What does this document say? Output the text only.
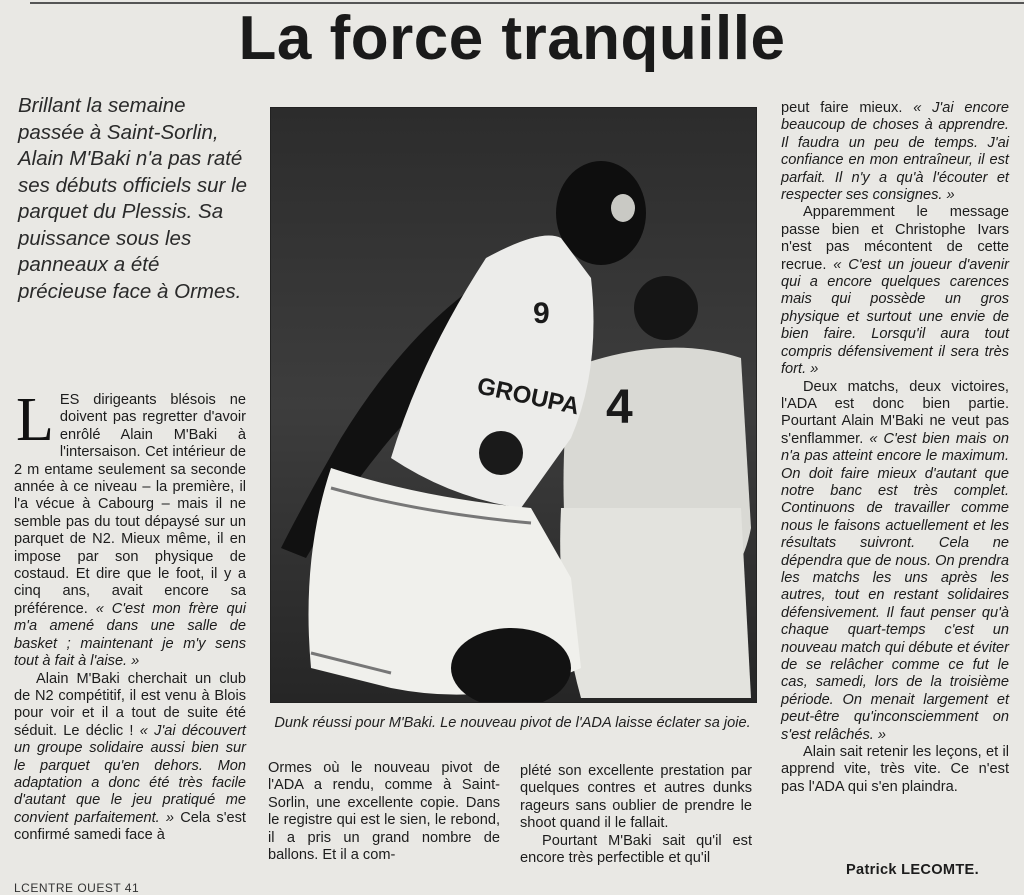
La force tranquille
Brillant la semaine passée à Saint-Sorlin, Alain M'Baki n'a pas raté ses débuts officiels sur le parquet du Plessis. Sa puissance sous les panneaux a été précieuse face à Ormes.

LES dirigeants blésois ne doivent pas regretter d'avoir enrôlé Alain M'Baki à l'intersaison. Cet intérieur de 2 m entame seulement sa seconde année à ce niveau – la première, il l'a vécue à Cabourg – mais il ne semble pas du tout dépaysé sur un parquet de N2. Mieux même, il en impose par son physique de costaud. Et dire que le foot, il y a cinq ans, avait encore sa préférence. « C'est mon frère qui m'a amené dans une salle de basket ; maintenant je m'y sens tout à fait à l'aise. »

Alain M'Baki cherchait un club de N2 compétitif, il est venu à Blois pour voir et il a tout de suite été séduit. Le déclic ! « J'ai découvert un groupe solidaire aussi bien sur le parquet qu'en dehors. Mon adaptation a donc été très facile d'autant que le jeu pratiqué me convient parfaitement. » Cela s'est confirmé samedi face à

4
9
GROUPA
Dunk réussi pour M'Baki. Le nouveau pivot de l'ADA laisse éclater sa joie.

Ormes où le nouveau pivot de l'ADA a rendu, comme à Saint-Sorlin, une excellente copie. Dans le registre qui est le sien, le rebond, il a pris un grand nombre de ballons. Et il a com-

plété son excellente prestation par quelques contres et autres dunks rageurs sans oublier de prendre le shoot quand il le fallait.

Pourtant M'Baki sait qu'il est encore très perfectible et qu'il

peut faire mieux. « J'ai encore beaucoup de choses à apprendre. Il faudra un peu de temps. J'ai confiance en mon entraîneur, il est parfait. Il n'y a qu'à l'écouter et respecter ses consignes. »

Apparemment le message passe bien et Christophe Ivars n'est pas mécontent de cette recrue. « C'est un joueur d'avenir qui a encore quelques carences mais qui possède un gros physique et surtout une envie de bien faire. Lorsqu'il aura tout compris défensivement il sera très fort. »

Deux matchs, deux victoires, l'ADA est donc bien partie. Pourtant Alain M'Baki ne veut pas s'enflammer. « C'est bien mais on n'a pas atteint encore le maximum. On doit faire mieux d'autant que notre banc est très complet. Continuons de travailler comme nous le faisons actuellement et les résultats suivront. Cela ne dépendra que de nous. On prendra les matchs les uns après les autres, tout en restant solidaires défensivement. Il faut penser qu'à chaque quart-temps c'est un nouveau match qui débute et éviter de se relâcher comme ce fut le cas, samedi, lors de la troisième période. On menait largement et peut-être qu'inconsciemment on s'est relâchés. »

Alain sait retenir les leçons, et il apprend vite, très vite. Ce n'est pas l'ADA qui s'en plaindra.

Patrick LECOMTE.
LCENTRE OUEST 41
